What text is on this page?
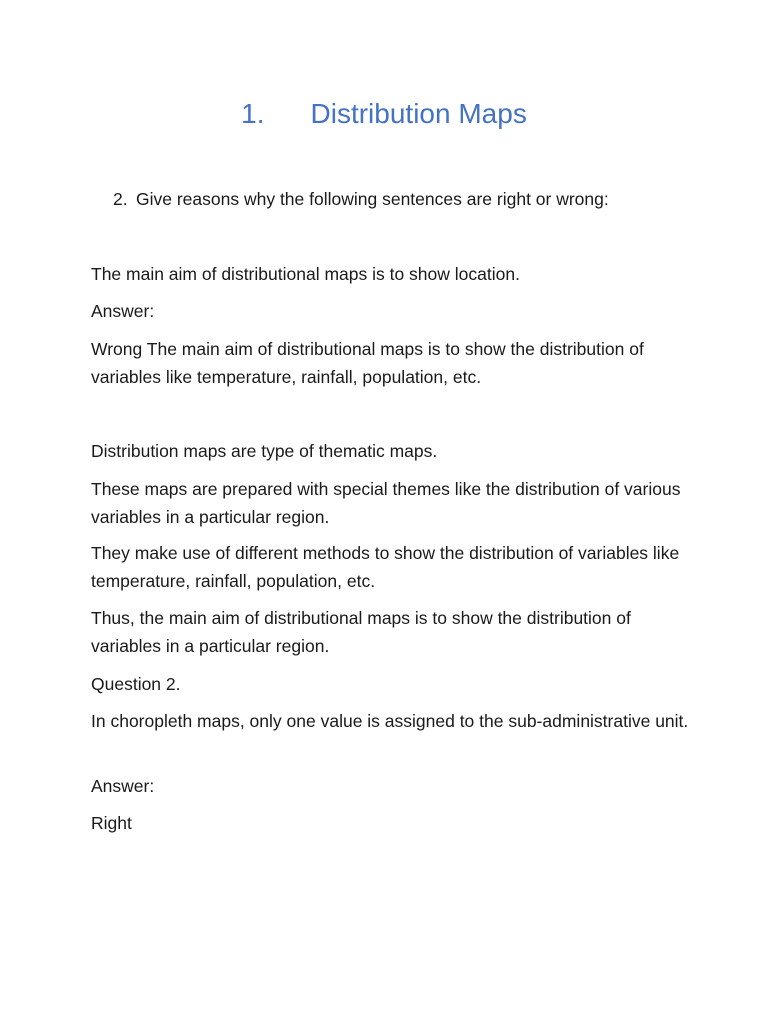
1. Distribution Maps
2. Give reasons why the following sentences are right or wrong:

The main aim of distributional maps is to show location.

Answer:

Wrong The main aim of distributional maps is to show the distribution of variables like temperature, rainfall, population, etc.

Distribution maps are type of thematic maps.

These maps are prepared with special themes like the distribution of various variables in a particular region.

They make use of different methods to show the distribution of variables like temperature, rainfall, population, etc.

Thus, the main aim of distributional maps is to show the distribution of variables in a particular region.

Question 2.

In choropleth maps, only one value is assigned to the sub-administrative unit.

Answer:

Right
